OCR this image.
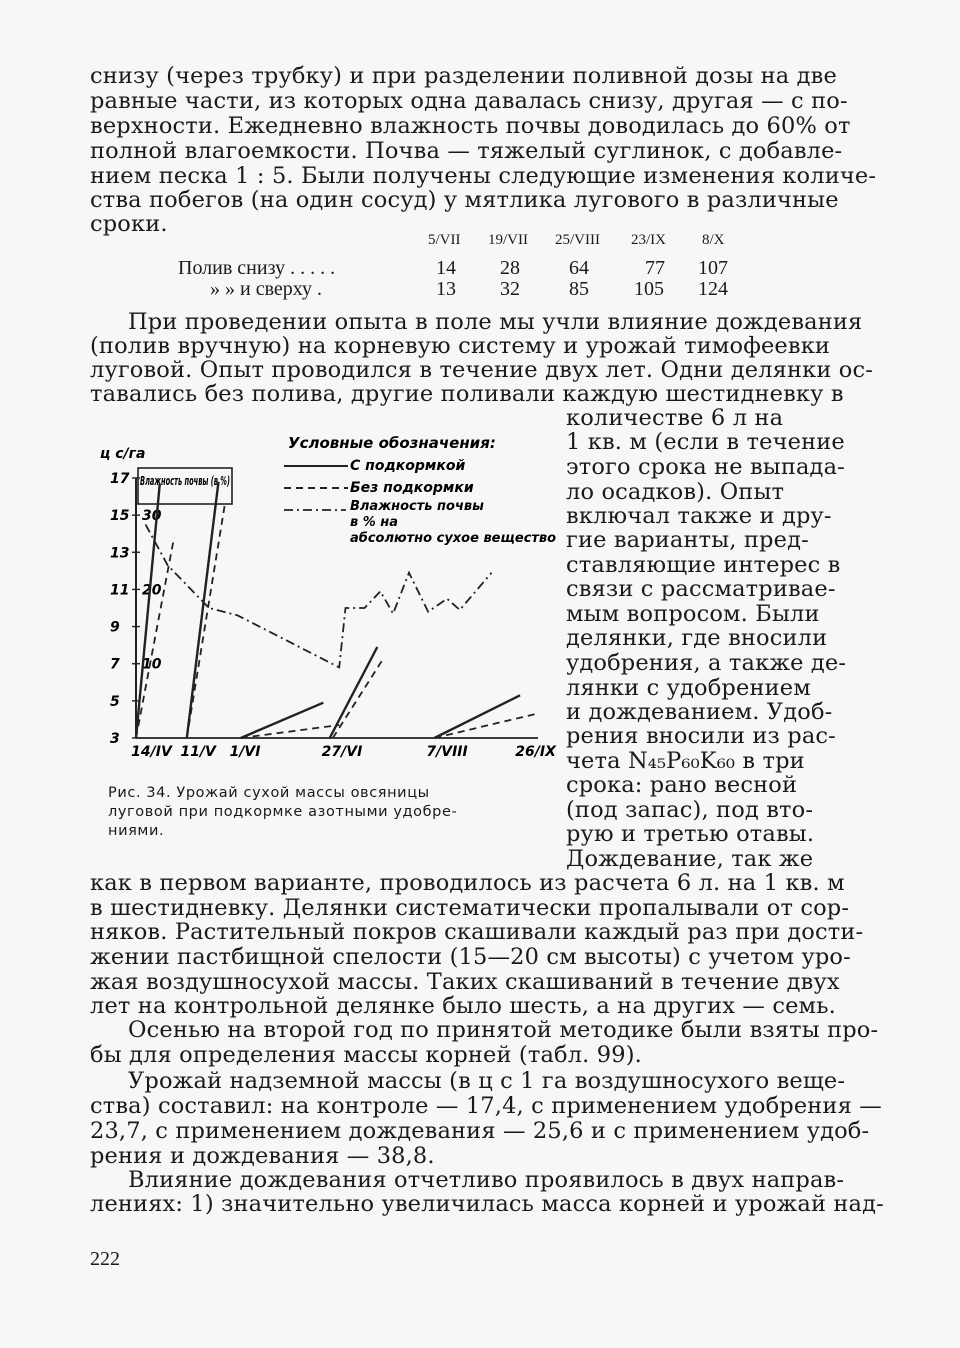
снизу (через трубку) и при разделении поливной дозы на две
равные части, из которых одна давалась снизу, другая — с по-
верхности. Ежедневно влажность почвы доводилась до 60% от
полной влагоемкости. Почва — тяжелый суглинок, с добавле-
нием песка 1 : 5. Были получены следующие изменения количе-
ства побегов (на один сосуд) у мятлика лугового в различные
сроки.
5/VII 19/VII 25/VIII 23/IX 8/X
Полив снизу . . . . .	14 28 64	77 107
» » и сверху .	13 32 85 105 124
При проведении опыта в поле мы учли влияние дождевания
(полив вручную) на корневую систему и урожай тимофеевки
луговой. Опыт проводился в течение двух лет. Одни делянки ос-
тавались без полива, другие поливали каждую шестидневку в
количестве 6 л на
1 кв. м (если в течение
этого срока не выпада-
ло осадков). Опыт
включал также и дру-
гие варианты, пред-
ставляющие интерес в
связи с рассматривае-
мым вопросом. Были
делянки, где вносили
удобрения, а также де-
лянки с удобрением
и дождеванием. Удоб-
рения вносили из рас-
чета N₄₅P₆₀K₆₀ в три
срока: рано весной
(под запас), под вто-
рую и третью отавы.
Дождевание, так же
как в первом варианте, проводилось из расчета 6 л. на 1 кв. м
в шестидневку. Делянки систематически пропалывали от сор-
няков. Растительный покров скашивали каждый раз при дости-
жении пастбищной спелости (15—20 см высоты) с учетом уро-
жая воздушносухой массы. Таких скашиваний в течение двух
лет на контрольной делянке было шесть, а на других — семь.
Осенью на второй год по принятой методике были взяты про-
бы для определения массы корней (табл. 99).
Урожай надземной массы (в ц с 1 га воздушносухого веще-
ства) составил: на контроле — 17,4, с применением удобрения —
23,7, с применением дождевания — 25,6 и с применением удоб-
рения и дождевания — 38,8.
Влияние дождевания отчетливо проявилось в двух направ-
лениях: 1) значительно увеличилась масса корней и урожай над-
ц с/га
Влажность почвы (в %)
Условные обозначения:
С подкормкой
Без подкормки
Влажность почвы в % на абсолютно сухое вещество
17
15
13
11
9
7
5
3
30
20
10
14/IV 11/V 1/VI	27/VI	7/VIII	26/IX
Рис. 34. Урожай сухой массы овсяницы
луговой при подкормке азотными удобре-
ниями.
222
